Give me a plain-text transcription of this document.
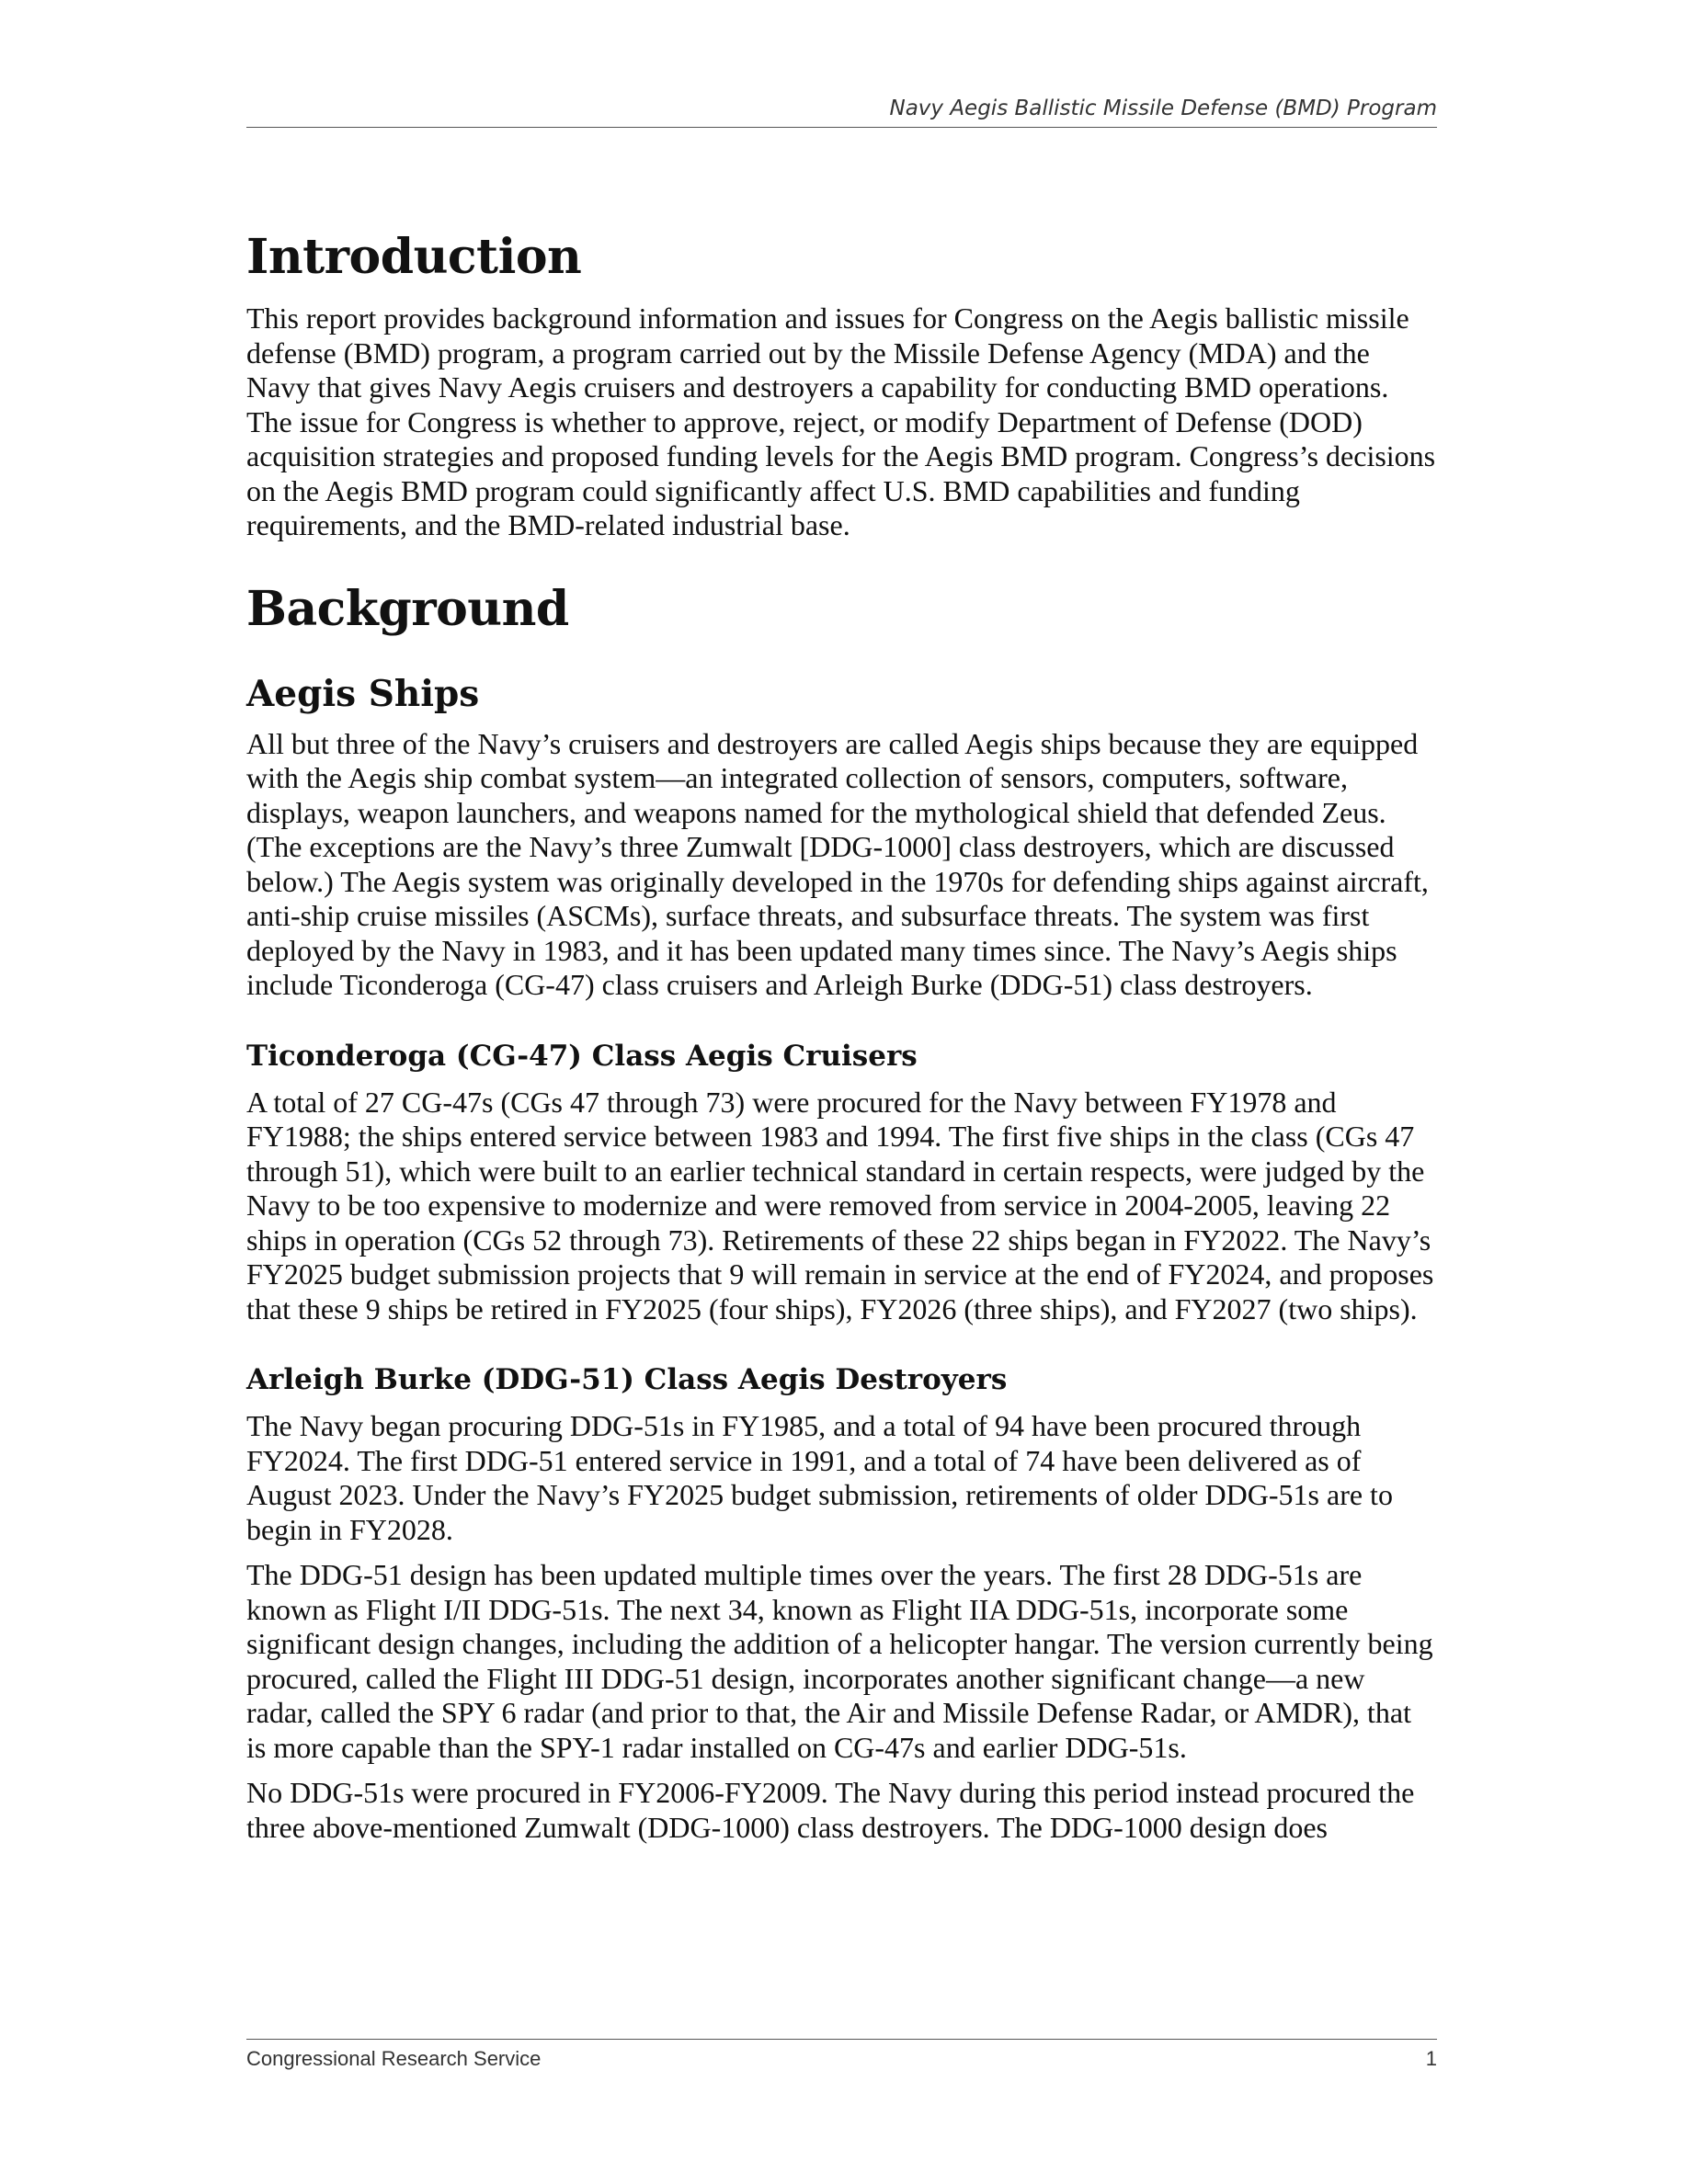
Navy Aegis Ballistic Missile Defense (BMD) Program
Introduction

This report provides background information and issues for Congress on the Aegis ballistic missile defense (BMD) program, a program carried out by the Missile Defense Agency (MDA) and the Navy that gives Navy Aegis cruisers and destroyers a capability for conducting BMD operations. The issue for Congress is whether to approve, reject, or modify Department of Defense (DOD) acquisition strategies and proposed funding levels for the Aegis BMD program. Congress’s decisions on the Aegis BMD program could significantly affect U.S. BMD capabilities and funding requirements, and the BMD-related industrial base.

Background
Aegis Ships

All but three of the Navy’s cruisers and destroyers are called Aegis ships because they are equipped with the Aegis ship combat system—an integrated collection of sensors, computers, software, displays, weapon launchers, and weapons named for the mythological shield that defended Zeus. (The exceptions are the Navy’s three Zumwalt [DDG-1000] class destroyers, which are discussed below.) The Aegis system was originally developed in the 1970s for defending ships against aircraft, anti-ship cruise missiles (ASCMs), surface threats, and subsurface threats. The system was first deployed by the Navy in 1983, and it has been updated many times since. The Navy’s Aegis ships include Ticonderoga (CG-47) class cruisers and Arleigh Burke (DDG-51) class destroyers.

Ticonderoga (CG-47) Class Aegis Cruisers

A total of 27 CG-47s (CGs 47 through 73) were procured for the Navy between FY1978 and FY1988; the ships entered service between 1983 and 1994. The first five ships in the class (CGs 47 through 51), which were built to an earlier technical standard in certain respects, were judged by the Navy to be too expensive to modernize and were removed from service in 2004-2005, leaving 22 ships in operation (CGs 52 through 73). Retirements of these 22 ships began in FY2022. The Navy’s FY2025 budget submission projects that 9 will remain in service at the end of FY2024, and proposes that these 9 ships be retired in FY2025 (four ships), FY2026 (three ships), and FY2027 (two ships).

Arleigh Burke (DDG-51) Class Aegis Destroyers

The Navy began procuring DDG-51s in FY1985, and a total of 94 have been procured through FY2024. The first DDG-51 entered service in 1991, and a total of 74 have been delivered as of August 2023. Under the Navy’s FY2025 budget submission, retirements of older DDG-51s are to begin in FY2028.

The DDG-51 design has been updated multiple times over the years. The first 28 DDG-51s are known as Flight I/II DDG-51s. The next 34, known as Flight IIA DDG-51s, incorporate some significant design changes, including the addition of a helicopter hangar. The version currently being procured, called the Flight III DDG-51 design, incorporates another significant change—a new radar, called the SPY 6 radar (and prior to that, the Air and Missile Defense Radar, or AMDR), that is more capable than the SPY-1 radar installed on CG-47s and earlier DDG-51s.

No DDG-51s were procured in FY2006-FY2009. The Navy during this period instead procured the three above-mentioned Zumwalt (DDG-1000) class destroyers. The DDG-1000 design does

Congressional Research Service	1
